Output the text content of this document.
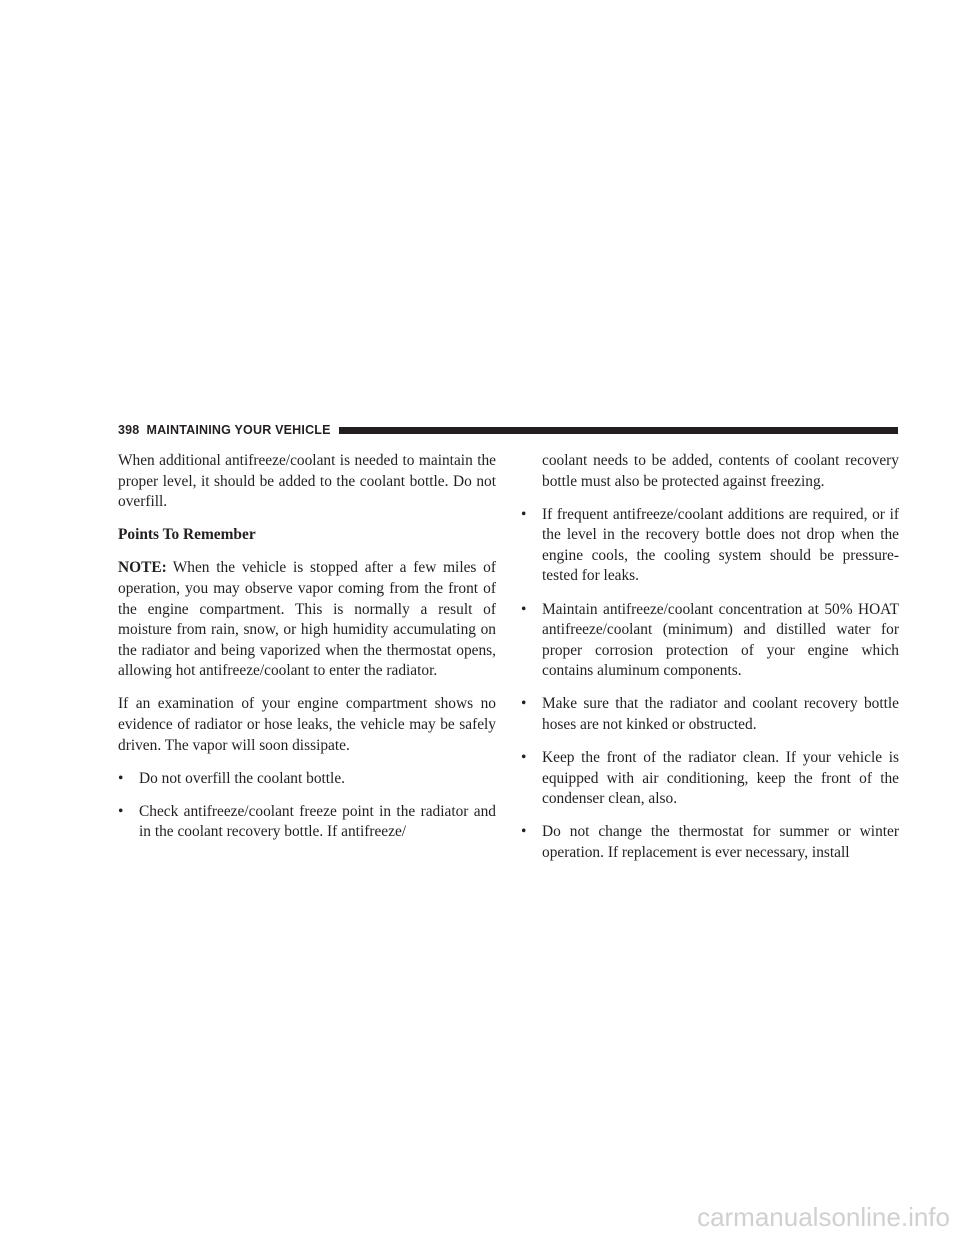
398 MAINTAINING YOUR VEHICLE

When additional antifreeze/coolant is needed to maintain the proper level, it should be added to the coolant bottle. Do not overfill.

Points To Remember

NOTE: When the vehicle is stopped after a few miles of operation, you may observe vapor coming from the front of the engine compartment. This is normally a result of moisture from rain, snow, or high humidity accumulating on the radiator and being vaporized when the thermostat opens, allowing hot antifreeze/coolant to enter the radiator.

If an examination of your engine compartment shows no evidence of radiator or hose leaks, the vehicle may be safely driven. The vapor will soon dissipate.

•	Do not overfill the coolant bottle.
•	Check antifreeze/coolant freeze point in the radiator and in the coolant recovery bottle. If antifreeze/
coolant needs to be added, contents of coolant recovery bottle must also be protected against freezing.
•	If frequent antifreeze/coolant additions are required, or if the level in the recovery bottle does not drop when the engine cools, the cooling system should be pressure-tested for leaks.
•	Maintain antifreeze/coolant concentration at 50% HOAT antifreeze/coolant (minimum) and distilled water for proper corrosion protection of your engine which contains aluminum components.
•	Make sure that the radiator and coolant recovery bottle hoses are not kinked or obstructed.
•	Keep the front of the radiator clean. If your vehicle is equipped with air conditioning, keep the front of the condenser clean, also.
•	Do not change the thermostat for summer or winter operation. If replacement is ever necessary, install
carmanualsonline.info
